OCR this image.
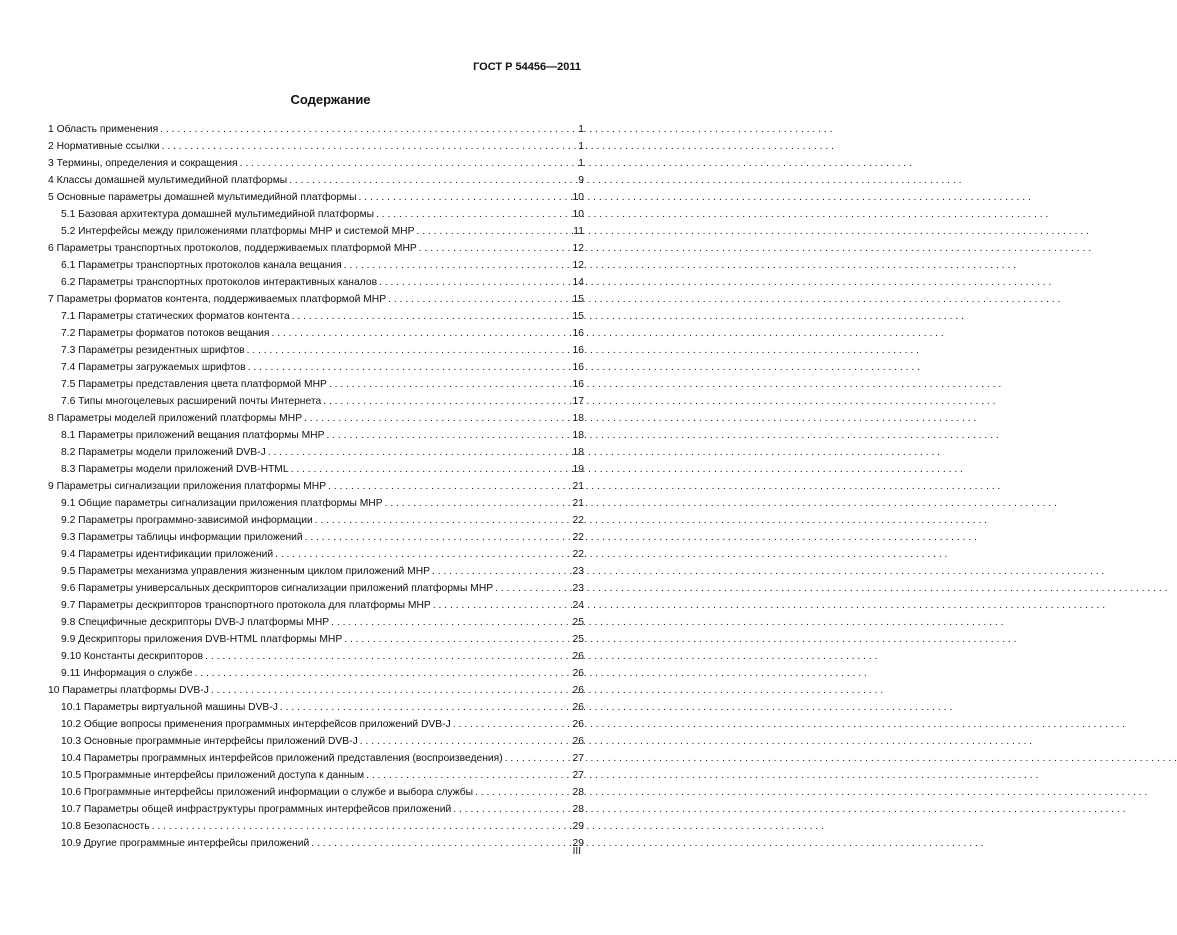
ГОСТ Р 54456—2011
Содержание
1 Область применения . . .	1
2 Нормативные ссылки . . .	1
3 Термины, определения и сокращения . . .	1
4 Классы домашней мультимедийной платформы . . .	9
5 Основные параметры домашней мультимедийной платформы . . .	10
5.1 Базовая архитектура домашней мультимедийной платформы . . .	10
5.2 Интерфейсы между приложениями платформы МНР и системой МНР . . .	11
6 Параметры транспортных протоколов, поддерживаемых платформой МНР . . .	12
6.1 Параметры транспортных протоколов канала вещания . . .	12
6.2 Параметры транспортных протоколов интерактивных каналов . . .	14
7 Параметры форматов контента, поддерживаемых платформой МНР . . .	15
7.1 Параметры статических форматов контента . . .	15
7.2 Параметры форматов потоков вещания . . .	16
7.3 Параметры резидентных шрифтов . . .	16
7.4 Параметры загружаемых шрифтов . . .	16
7.5 Параметры представления цвета платформой МНР . . .	16
7.6 Типы многоцелевых расширений почты Интернета . . .	17
8 Параметры моделей приложений платформы МНР . . .	18
8.1 Параметры приложений вещания платформы МНР . . .	18
8.2 Параметры модели приложений DVB-J . . .	18
8.3 Параметры модели приложений DVB-HTML . . .	19
9 Параметры сигнализации приложения платформы МНР . . .	21
9.1 Общие параметры сигнализации приложения платформы МНР . . .	21
9.2 Параметры программно-зависимой информации . . .	22
9.3 Параметры таблицы информации приложений . . .	22
9.4 Параметры идентификации приложений . . .	22
9.5 Параметры механизма управления жизненным циклом приложений МНР . . .	23
9.6 Параметры универсальных дескрипторов сигнализации приложений платформы МНР . . .	23
9.7 Параметры дескрипторов транспортного протокола для платформы МНР . . .	24
9.8 Специфичные дескрипторы DVB-J платформы МНР . . .	25
9.9 Дескрипторы приложения DVB-HTML платформы МНР . . .	25
9.10 Константы дескрипторов . . .	26
9.11 Информация о службе . . .	26
10 Параметры платформы DVB-J . . .	26
10.1 Параметры виртуальной машины DVB-J . . .	26
10.2 Общие вопросы применения программных интерфейсов приложений DVB-J . . .	26
10.3 Основные программные интерфейсы приложений DVB-J . . .	26
10.4 Параметры программных интерфейсов приложений представления (воспроизведения) . . .	27
10.5 Программные интерфейсы приложений доступа к данным . . .	27
10.6 Программные интерфейсы приложений информации о службе и выбора службы . . .	28
10.7 Параметры общей инфраструктуры программных интерфейсов приложений . . .	28
10.8 Безопасность . . .	29
10.9 Другие программные интерфейсы приложений . . .	29
III
